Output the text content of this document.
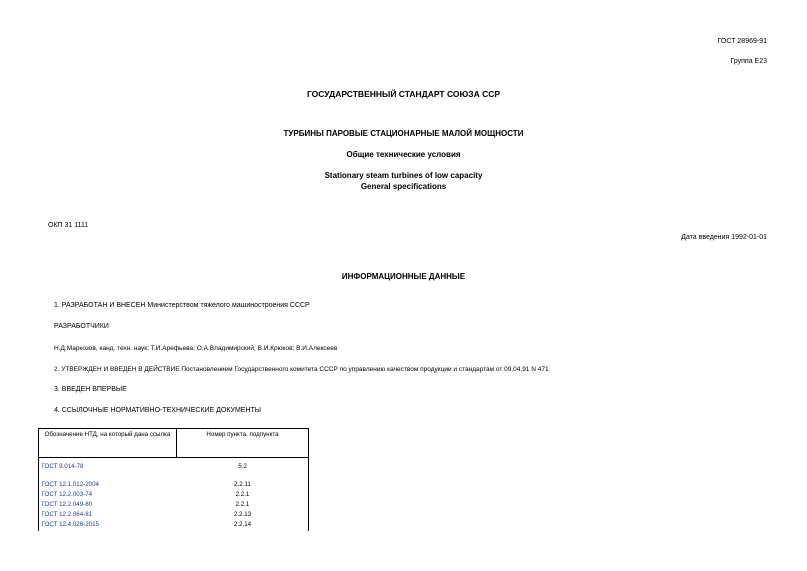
ГОСТ 28969-91
Группа Е23
ГОСУДАРСТВЕННЫЙ СТАНДАРТ СОЮЗА ССР
ТУРБИНЫ ПАРОВЫЕ СТАЦИОНАРНЫЕ МАЛОЙ МОЩНОСТИ
Общие технические условия
Stationary steam turbines of low capacity
General specifications
ОКП 31 1111
Дата введения 1992-01-01
ИНФОРМАЦИОННЫЕ ДАННЫЕ
1. РАЗРАБОТАН И ВНЕСЕН Министерством тяжелого машиностроения СССР
РАЗРАБОТЧИКИ
Н.Д.Маркозов, канд. техн. наук; Т.И.Арефьева; О.А.Владимирский; В.И.Крюков; В.И.Алексеев
2. УТВЕРЖДЕН И ВВЕДЕН В ДЕЙСТВИЕ Постановлением Государственного комитета СССР по управлению качеством продукции и стандартам от 09.04.91 N 471
3. ВВЕДЕН ВПЕРВЫЕ
4. ССЫЛОЧНЫЕ НОРМАТИВНО-ТЕХНИЧЕСКИЕ ДОКУМЕНТЫ
Обозначение НТД, на который дана ссылка	Номер пункта, подпункта
ГОСТ 9.014-78	5.2

ГОСТ 12.1.012-2004	2.2.11
ГОСТ 12.2.003-74	2.2.1
ГОСТ 12.2.049-80	2.2.1
ГОСТ 12.2.064-81	2.2.13
ГОСТ 12.4.026-2015	2.2.14
